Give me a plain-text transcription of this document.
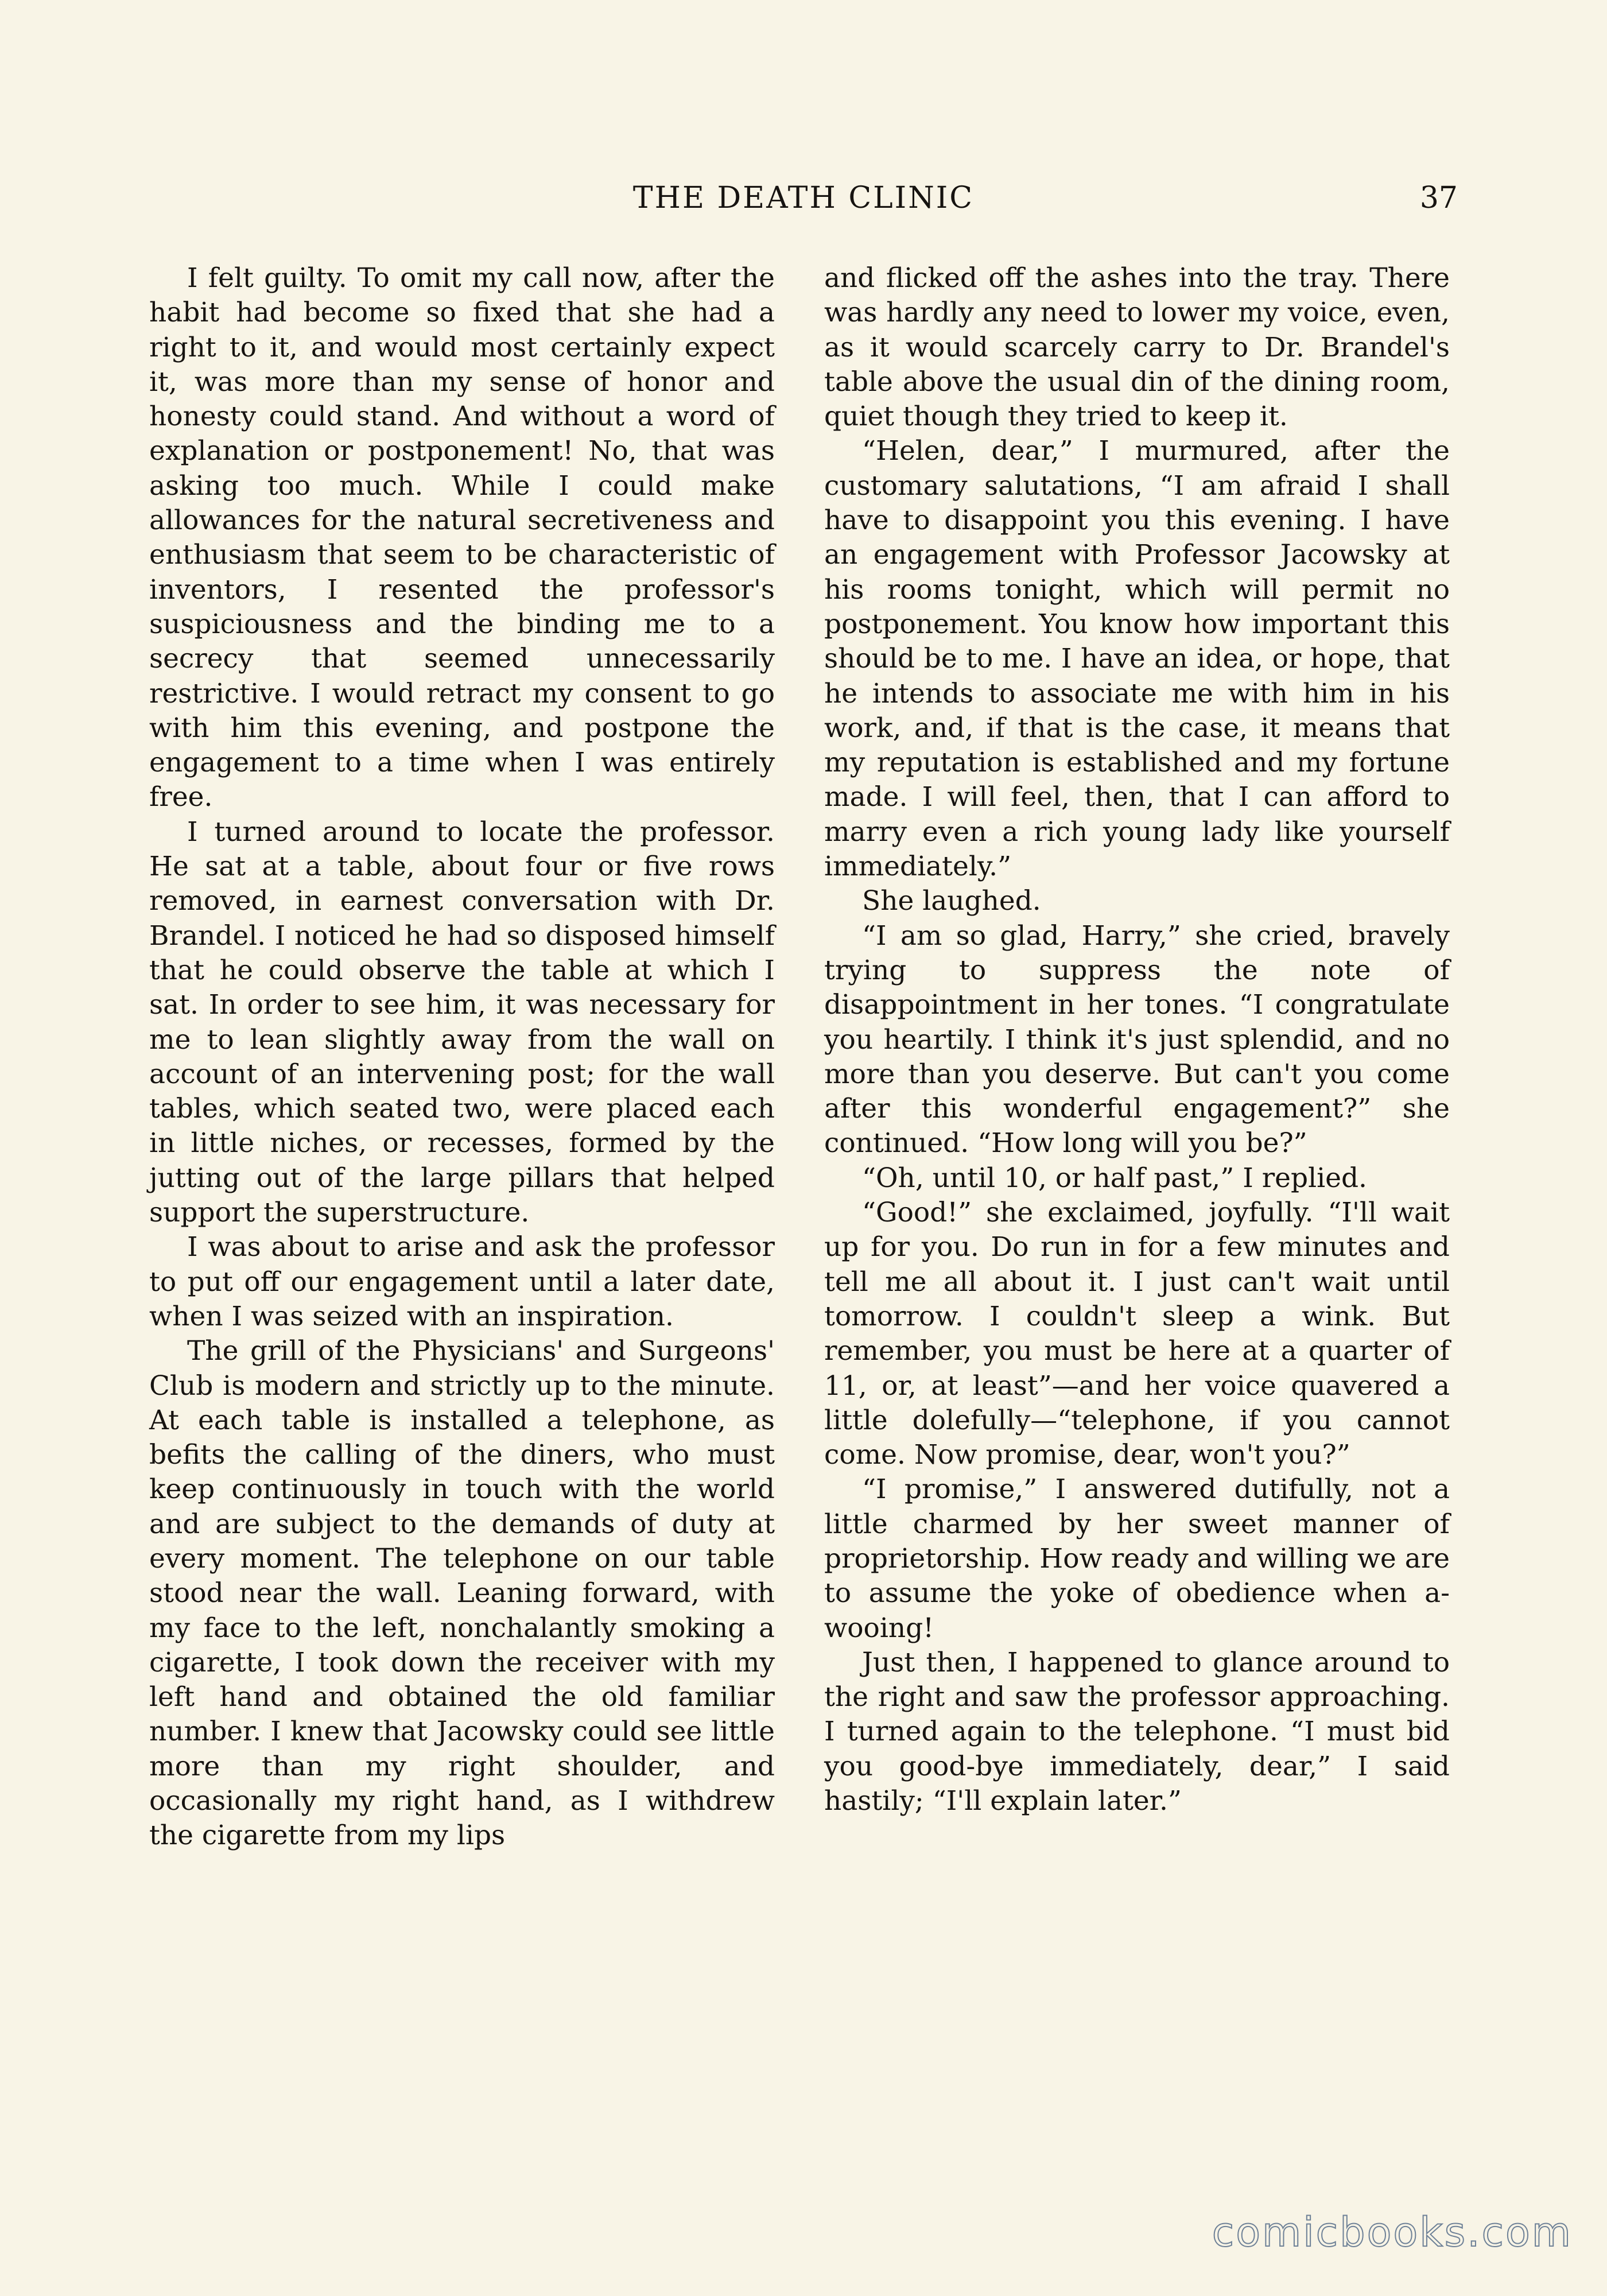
THE DEATH CLINIC	37

I felt guilty. To omit my call now, after the habit had become so fixed that she had a right to it, and would most certainly expect it, was more than my sense of honor and honesty could stand. And without a word of explanation or postponement! No, that was asking too much. While I could make allowances for the natural secretiveness and enthusiasm that seem to be characteristic of inventors, I resented the professor's suspiciousness and the binding me to a secrecy that seemed unnecessarily restrictive. I would retract my consent to go with him this evening, and postpone the engagement to a time when I was entirely free.

I turned around to locate the professor. He sat at a table, about four or five rows removed, in earnest conversation with Dr. Brandel. I noticed he had so disposed himself that he could observe the table at which I sat. In order to see him, it was necessary for me to lean slightly away from the wall on account of an intervening post; for the wall tables, which seated two, were placed each in little niches, or recesses, formed by the jutting out of the large pillars that helped support the superstructure.

I was about to arise and ask the professor to put off our engagement until a later date, when I was seized with an inspiration.

The grill of the Physicians' and Surgeons' Club is modern and strictly up to the minute. At each table is installed a telephone, as befits the calling of the diners, who must keep continuously in touch with the world and are subject to the demands of duty at every moment. The telephone on our table stood near the wall. Leaning forward, with my face to the left, nonchalantly smoking a cigarette, I took down the receiver with my left hand and obtained the old familiar number. I knew that Jacowsky could see little more than my right shoulder, and occasionally my right hand, as I withdrew the cigarette from my lips

and flicked off the ashes into the tray. There was hardly any need to lower my voice, even, as it would scarcely carry to Dr. Brandel's table above the usual din of the dining room, quiet though they tried to keep it.

“Helen, dear,” I murmured, after the customary salutations, “I am afraid I shall have to disappoint you this evening. I have an engagement with Professor Jacowsky at his rooms tonight, which will permit no postponement. You know how important this should be to me. I have an idea, or hope, that he intends to associate me with him in his work, and, if that is the case, it means that my reputation is established and my fortune made. I will feel, then, that I can afford to marry even a rich young lady like yourself immediately.”

She laughed.

“I am so glad, Harry,” she cried, bravely trying to suppress the note of disappointment in her tones. “I congratulate you heartily. I think it's just splendid, and no more than you deserve. But can't you come after this wonderful engagement?” she continued. “How long will you be?”

“Oh, until 10, or half past,” I replied.

“Good!” she exclaimed, joyfully. “I'll wait up for you. Do run in for a few minutes and tell me all about it. I just can't wait until tomorrow. I couldn't sleep a wink. But remember, you must be here at a quarter of 11, or, at least”—and her voice quavered a little dolefully—“telephone, if you cannot come. Now promise, dear, won't you?”

“I promise,” I answered dutifully, not a little charmed by her sweet manner of proprietorship. How ready and willing we are to assume the yoke of obedience when a-wooing!

Just then, I happened to glance around to the right and saw the professor approaching. I turned again to the telephone. “I must bid you good-bye immediately, dear,” I said hastily; “I'll explain later.”

comicbooks.com
